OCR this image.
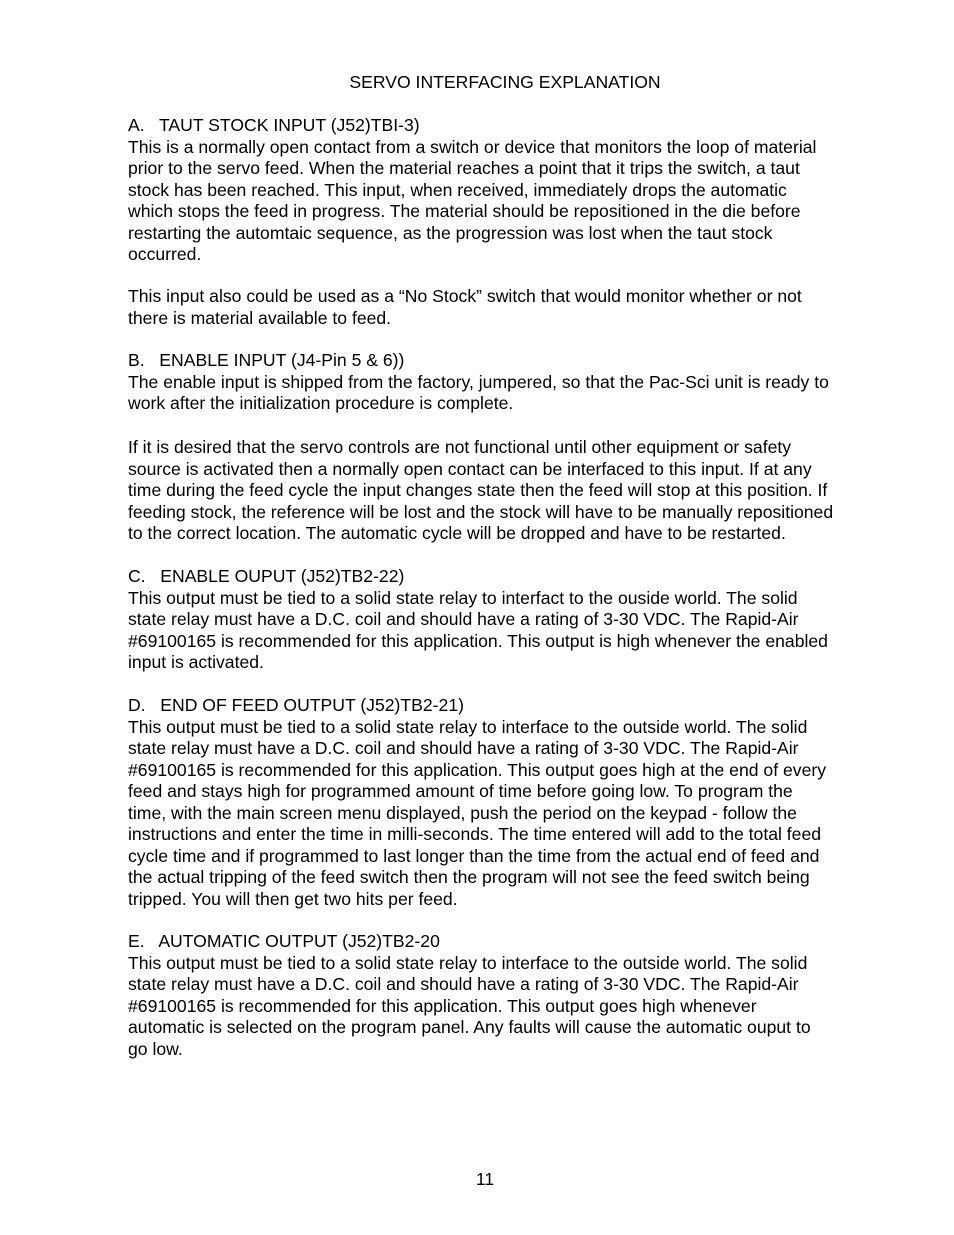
SERVO INTERFACING EXPLANATION
A.   TAUT STOCK INPUT (J52)TBI-3)
This is a normally open contact from a switch or device that monitors the loop of material
prior to the servo feed. When the material reaches a point that it trips the switch, a taut
stock has been reached. This input, when received, immediately drops the automatic
which stops the feed in progress. The material should be repositioned in the die before
restarting the automtaic sequence, as the progression was lost when the taut stock
occurred.
This input also could be used as a “No Stock” switch that would monitor whether or not
there is material available to feed.
B.   ENABLE INPUT (J4-Pin 5 & 6))
The enable input is shipped from the factory, jumpered, so that the Pac-Sci unit is ready to
work after the initialization procedure is complete.
If it is desired that the servo controls are not functional until other equipment or safety
source is activated then a normally open contact can be interfaced to this input. If at any
time during the feed cycle the input changes state then the feed will stop at this position. If
feeding stock, the reference will be lost and the stock will have to be manually repositioned
to the correct location. The automatic cycle will be dropped and have to be restarted.
C.   ENABLE OUPUT (J52)TB2-22)
This output must be tied to a solid state relay to interfact to the ouside world. The solid
state relay must have a D.C. coil and should have a rating of 3-30 VDC. The Rapid-Air
#69100165 is recommended for this application. This output is high whenever the enabled
input is activated.
D.   END OF FEED OUTPUT (J52)TB2-21)
This output must be tied to a solid state relay to interface to the outside world. The solid
state relay must have a D.C. coil and should have a rating of 3-30 VDC. The Rapid-Air
#69100165 is recommended for this application. This output goes high at the end of every
feed and stays high for programmed amount of time before going low. To program the
time, with the main screen menu displayed, push the period on the keypad - follow the
instructions and enter the time in milli-seconds. The time entered will add to the total feed
cycle time and if programmed to last longer than the time from the actual end of feed and
the actual tripping of the feed switch then the program will not see the feed switch being
tripped. You will then get two hits per feed.
E.   AUTOMATIC OUTPUT (J52)TB2-20
This output must be tied to a solid state relay to interface to the outside world. The solid
state relay must have a D.C. coil and should have a rating of 3-30 VDC. The Rapid-Air
#69100165 is recommended for this application. This output goes high whenever
automatic is selected on the program panel. Any faults will cause the automatic ouput to
go low.
11
